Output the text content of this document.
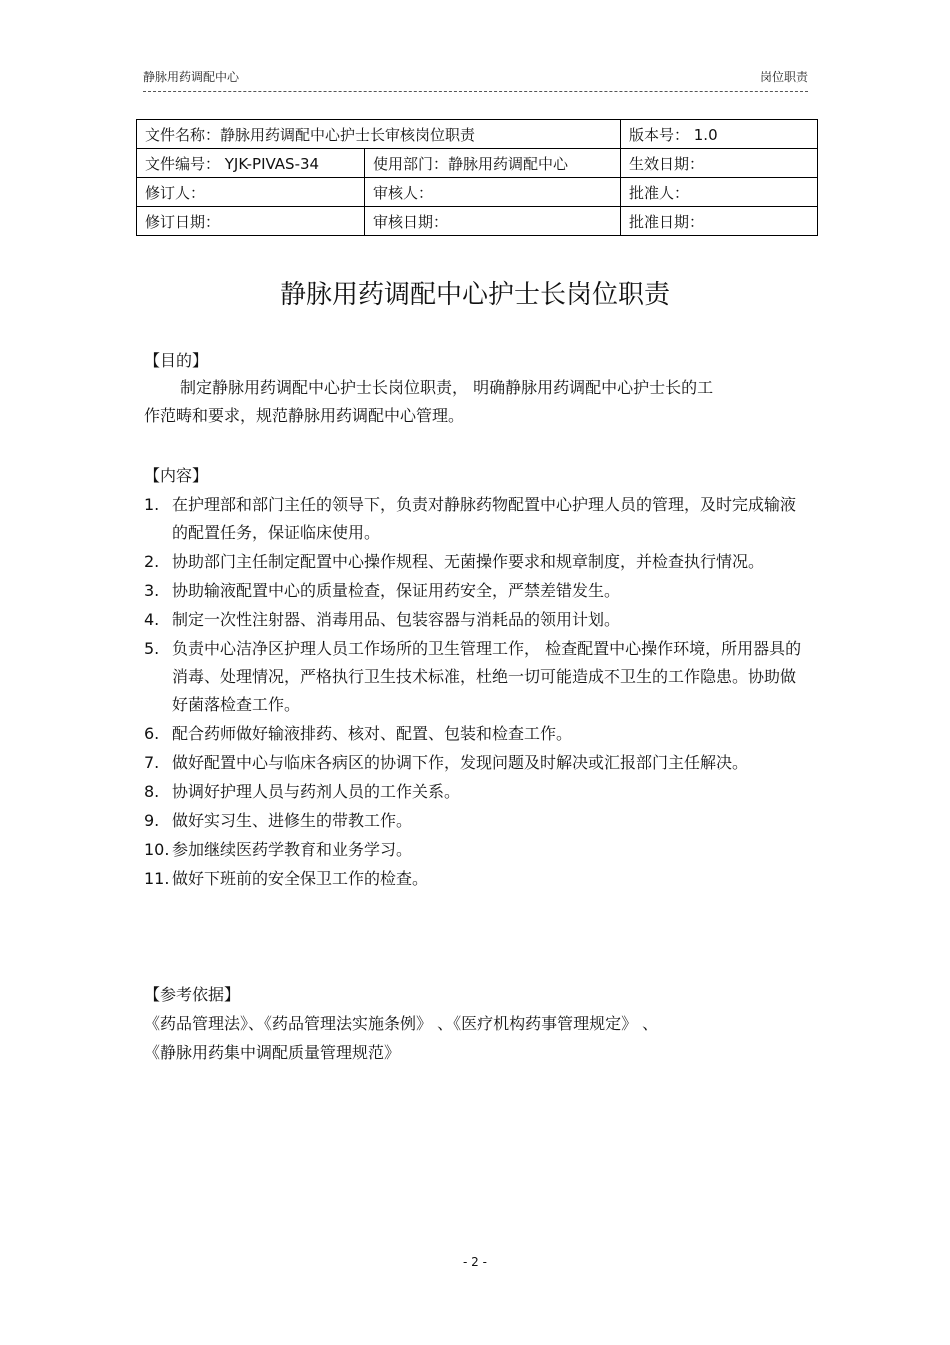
静脉用药调配中心	岗位职责
文件名称：静脉用药调配中心护士长审核岗位职责		版本号： 1.0
文件编号： YJK-PIVAS-34	使用部门：静脉用药调配中心	生效日期：
修订人：	审核人：	批准人：
修订日期：	审核日期：	批准日期：
静脉用药调配中心护士长岗位职责
【目的】
制定静脉用药调配中心护士长岗位职责， 明确静脉用药调配中心护士长的工
作范畴和要求，规范静脉用药调配中心管理。
【内容】
1. 在护理部和部门主任的领导下，负责对静脉药物配置中心护理人员的管理，及时完成输液的配置任务，保证临床使用。
2. 协助部门主任制定配置中心操作规程、无菌操作要求和规章制度，并检查执行情况。
3. 协助输液配置中心的质量检查，保证用药安全，严禁差错发生。
4. 制定一次性注射器、消毒用品、包装容器与消耗品的领用计划。
5. 负责中心洁净区护理人员工作场所的卫生管理工作， 检查配置中心操作环境，所用器具的消毒、处理情况，严格执行卫生技术标准，杜绝一切可能造成不卫生的工作隐患。协助做好菌落检查工作。
6. 配合药师做好输液排药、核对、配置、包装和检查工作。
7. 做好配置中心与临床各病区的协调下作，发现问题及时解决或汇报部门主任解决。
8. 协调好护理人员与药剂人员的工作关系。
9. 做好实习生、进修生的带教工作。
10. 参加继续医药学教育和业务学习。
11. 做好下班前的安全保卫工作的检查。
【参考依据】
《药品管理法》、《药品管理法实施条例》 、《医疗机构药事管理规定》 、
《静脉用药集中调配质量管理规范》
- 2 -
